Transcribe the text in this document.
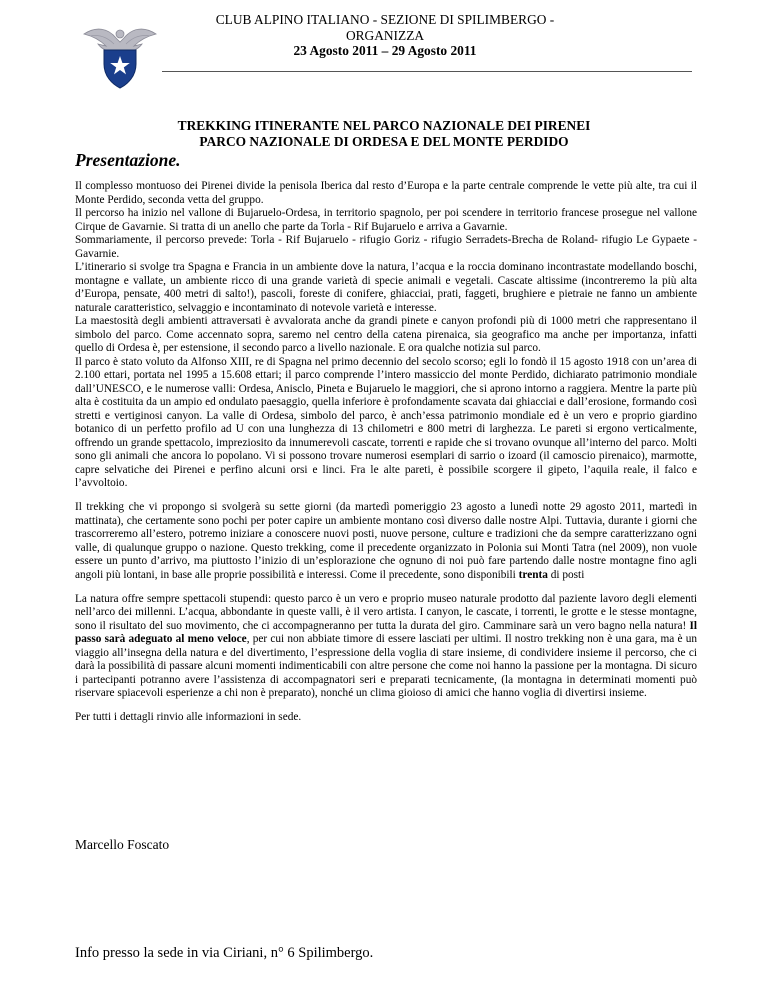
CLUB ALPINO ITALIANO - SEZIONE DI SPILIMBERGO -
ORGANIZZA
23 Agosto 2011 – 29 Agosto 2011
TREKKING ITINERANTE NEL PARCO NAZIONALE DEI PIRENEI
PARCO NAZIONALE DI ORDESA E DEL MONTE PERDIDO
Presentazione.

Il complesso montuoso dei Pirenei divide la penisola Iberica dal resto d’Europa e la parte centrale comprende le vette più alte, tra cui il Monte Perdido, seconda vetta del gruppo.
Il percorso ha inizio nel vallone di Bujaruelo-Ordesa, in territorio spagnolo, per poi scendere in territorio francese prosegue nel vallone Cirque de Gavarnie. Si tratta di un anello che parte da Torla - Rif Bujaruelo e arriva a Gavarnie.
Sommariamente, il percorso prevede: Torla - Rif Bujaruelo - rifugio Goriz - rifugio Serradets-Brecha de Roland- rifugio Le Gypaete -Gavarnie.
L’itinerario si svolge tra Spagna e Francia in un ambiente dove la natura, l’acqua e la roccia dominano incontrastate modellando boschi, montagne e vallate, un ambiente ricco di una grande varietà di specie animali e vegetali. Cascate altissime (incontreremo la più alta d’Europa, pensate, 400 metri di salto!), pascoli, foreste di conifere, ghiacciai, prati, faggeti, brughiere e pietraie ne fanno un ambiente naturale caratteristico, selvaggio e incontaminato di notevole varietà e interesse.
La maestosità degli ambienti attraversati è avvalorata anche da grandi pinete e canyon profondi più di 1000 metri che rappresentano il simbolo del parco. Come accennato sopra, saremo nel centro della catena pirenaica, sia geografico ma anche per importanza, infatti quello di Ordesa è, per estensione, il secondo parco a livello nazionale. E ora qualche notizia sul parco.
Il parco è stato voluto da Alfonso XIII, re di Spagna nel primo decennio del secolo scorso; egli lo fondò il 15 agosto 1918 con un’area di 2.100 ettari, portata nel 1995 a 15.608 ettari; il parco comprende l’intero massiccio del monte Perdido, dichiarato patrimonio mondiale dall’UNESCO, e le numerose valli: Ordesa, Anisclo, Pineta e Bujaruelo le maggiori, che si aprono intorno a raggiera. Mentre la parte più alta è costituita da un ampio ed ondulato paesaggio, quella inferiore è profondamente scavata dai ghiacciai e dall’erosione, formando così stretti e vertiginosi canyon. La valle di Ordesa, simbolo del parco, è anch’essa patrimonio mondiale ed è un vero e proprio giardino botanico di un perfetto profilo ad U con una lunghezza di 13 chilometri e 800 metri di larghezza. Le pareti si ergono verticalmente, offrendo un grande spettacolo, impreziosito da innumerevoli cascate, torrenti e rapide che si trovano ovunque all’interno del parco. Molti sono gli animali che ancora lo popolano. Vi si possono trovare numerosi esemplari di sarrio o izoard (il camoscio pirenaico), marmotte, capre selvatiche dei Pirenei e perfino alcuni orsi e linci. Fra le alte pareti, è possibile scorgere il gipeto, l’aquila reale, il falco e l’avvoltoio.

Il trekking che vi propongo si svolgerà su sette giorni (da martedì pomeriggio 23 agosto a lunedì notte 29 agosto 2011, martedì in mattinata), che certamente sono pochi per poter capire un ambiente montano così diverso dalle nostre Alpi. Tuttavia, durante i giorni che trascorreremo all’estero, potremo iniziare a conoscere nuovi posti, nuove persone, culture e tradizioni che da sempre caratterizzano ogni valle, di qualunque gruppo o nazione. Questo trekking, come il precedente organizzato in Polonia sui Monti Tatra (nel 2009), non vuole essere un punto d’arrivo, ma piuttosto l’inizio di un’esplorazione che ognuno di noi può fare partendo dalle nostre montagne fino agli angoli più lontani, in base alle proprie possibilità e interessi. Come il precedente, sono disponibili trenta di posti

La natura offre sempre spettacoli stupendi: questo parco è un vero e proprio museo naturale prodotto dal paziente lavoro degli elementi nell’arco dei millenni. L’acqua, abbondante in queste valli, è il vero artista. I canyon, le cascate, i torrenti, le grotte e le stesse montagne, sono il risultato del suo movimento, che ci accompagneranno per tutta la durata del giro. Camminare sarà un vero bagno nella natura! Il passo sarà adeguato al meno veloce, per cui non abbiate timore di essere lasciati per ultimi. Il nostro trekking non è una gara, ma è un viaggio all’insegna della natura e del divertimento, l’espressione della voglia di stare insieme, di condividere insieme il percorso, che ci darà la possibilità di passare alcuni momenti indimenticabili con altre persone che come noi hanno la passione per la montagna. Di sicuro i partecipanti potranno avere l’assistenza di accompagnatori seri e preparati tecnicamente, (la montagna in determinati momenti può riservare spiacevoli esperienze a chi non è preparato), nonché un clima gioioso di amici che hanno voglia di divertirsi insieme.

Per tutti i dettagli rinvio alle informazioni in sede.

Marcello Foscato
Info presso la sede in via Ciriani, n° 6 Spilimbergo.
